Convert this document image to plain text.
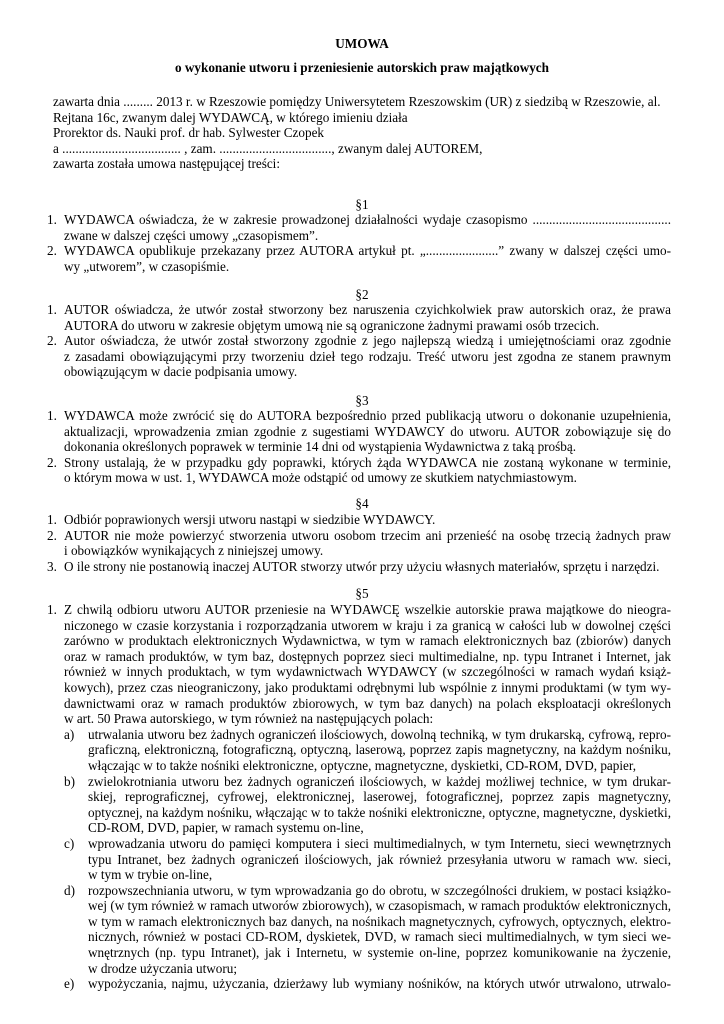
UMOWA
o wykonanie utworu i przeniesienie autorskich praw majątkowych
zawarta dnia ......... 2013 r. w Rzeszowie pomiędzy Uniwersytetem Rzeszowskim (UR) z siedzibą w Rzeszowie, al.
Rejtana 16c, zwanym dalej WYDAWCĄ, w którego imieniu działa
Prorektor ds. Nauki prof. dr hab. Sylwester Czopek
a .................................... , zam. .................................., zwanym dalej AUTOREM,
zawarta została umowa następującej treści:
§1
1. WYDAWCA oświadcza, że w zakresie prowadzonej działalności wydaje czasopismo ..........................................
zwane w dalszej części umowy „czasopismem”.
2. WYDAWCA opublikuje przekazany przez AUTORA artykuł pt. „......................” zwany w dalszej części umo-
wy „utworem”, w czasopiśmie.
§2
1. AUTOR oświadcza, że utwór został stworzony bez naruszenia czyichkolwiek praw autorskich oraz, że prawa
AUTORA do utworu w zakresie objętym umową nie są ograniczone żadnymi prawami osób trzecich.
2. Autor oświadcza, że utwór został stworzony zgodnie z jego najlepszą wiedzą i umiejętnościami oraz zgodnie
z zasadami obowiązującymi przy tworzeniu dzieł tego rodzaju. Treść utworu jest zgodna ze stanem prawnym
obowiązującym w dacie podpisania umowy.
§3
1. WYDAWCA może zwrócić się do AUTORA bezpośrednio przed publikacją utworu o dokonanie uzupełnienia,
aktualizacji, wprowadzenia zmian zgodnie z sugestiami WYDAWCY do utworu. AUTOR zobowiązuje się do
dokonania określonych poprawek w terminie 14 dni od wystąpienia Wydawnictwa z taką prośbą.
2. Strony ustalają, że w przypadku gdy poprawki, których żąda WYDAWCA nie zostaną wykonane w terminie,
o którym mowa w ust. 1, WYDAWCA może odstąpić od umowy ze skutkiem natychmiastowym.
§4
1. Odbiór poprawionych wersji utworu nastąpi w siedzibie WYDAWCY.
2. AUTOR nie może powierzyć stworzenia utworu osobom trzecim ani przenieść na osobę trzecią żadnych praw
i obowiązków wynikających z niniejszej umowy.
3. O ile strony nie postanowią inaczej AUTOR stworzy utwór przy użyciu własnych materiałów, sprzętu i narzędzi.
§5
1. Z chwilą odbioru utworu AUTOR przeniesie na WYDAWCĘ wszelkie autorskie prawa majątkowe do nieogra-
niczonego w czasie korzystania i rozporządzania utworem w kraju i za granicą w całości lub w dowolnej części
zarówno w produktach elektronicznych Wydawnictwa, w tym w ramach elektronicznych baz (zbiorów) danych
oraz w ramach produktów, w tym baz, dostępnych poprzez sieci multimedialne, np. typu Intranet i Internet, jak
również w innych produktach, w tym wydawnictwach WYDAWCY (w szczególności w ramach wydań książ-
kowych), przez czas nieograniczony, jako produktami odrębnymi lub wspólnie z innymi produktami (w tym wy-
dawnictwami oraz w ramach produktów zbiorowych, w tym baz danych) na polach eksploatacji określonych
w art. 50 Prawa autorskiego, w tym również na następujących polach:
a) utrwalania utworu bez żadnych ograniczeń ilościowych, dowolną techniką, w tym drukarską, cyfrową, repro-
graficzną, elektroniczną, fotograficzną, optyczną, laserową, poprzez zapis magnetyczny, na każdym nośniku,
włączając w to także nośniki elektroniczne, optyczne, magnetyczne, dyskietki, CD-ROM, DVD, papier,
b) zwielokrotniania utworu bez żadnych ograniczeń ilościowych, w każdej możliwej technice, w tym drukar-
skiej, reprograficznej, cyfrowej, elektronicznej, laserowej, fotograficznej, poprzez zapis magnetyczny,
optycznej, na każdym nośniku, włączając w to także nośniki elektroniczne, optyczne, magnetyczne, dyskietki,
CD-ROM, DVD, papier, w ramach systemu on-line,
c) wprowadzania utworu do pamięci komputera i sieci multimedialnych, w tym Internetu, sieci wewnętrznych
typu Intranet, bez żadnych ograniczeń ilościowych, jak również przesyłania utworu w ramach ww. sieci,
w tym w trybie on-line,
d) rozpowszechniania utworu, w tym wprowadzania go do obrotu, w szczególności drukiem, w postaci książko-
wej (w tym również w ramach utworów zbiorowych), w czasopismach, w ramach produktów elektronicznych,
w tym w ramach elektronicznych baz danych, na nośnikach magnetycznych, cyfrowych, optycznych, elektro-
nicznych, również w postaci CD-ROM, dyskietek, DVD, w ramach sieci multimedialnych, w tym sieci we-
wnętrznych (np. typu Intranet), jak i Internetu, w systemie on-line, poprzez komunikowanie na życzenie,
w drodze użyczania utworu;
e) wypożyczania, najmu, użyczania, dzierżawy lub wymiany nośników, na których utwór utrwalono, utrwalo-
